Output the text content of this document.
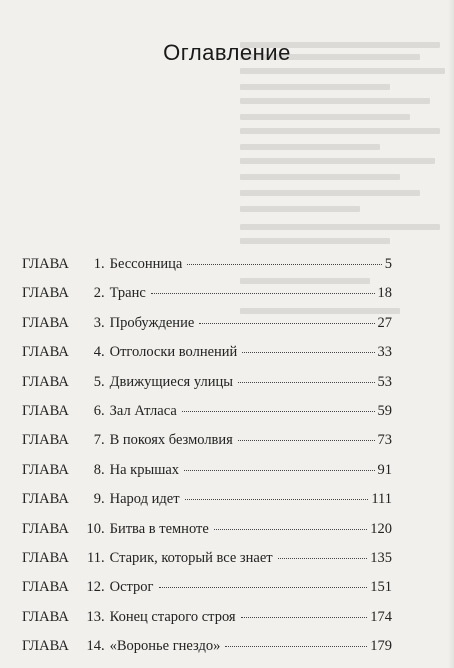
Оглавление
ГЛАВА	1 . Бессонница	5
ГЛАВА	2 . Транс	18
ГЛАВА	3 . Пробуждение	27
ГЛАВА	4 . Отголоски волнений	33
ГЛАВА	5 . Движущиеся улицы	53
ГЛАВА	6 . Зал Атласа	59
ГЛАВА	7 . В покоях безмолвия	73
ГЛАВА	8 . На крышах	91
ГЛАВА	9 . Народ идет	111
ГЛАВА	10 . Битва в темноте	120
ГЛАВА	11 . Старик, который все знает	135
ГЛАВА	12 . Острог	151
ГЛАВА	13 . Конец старого строя	174
ГЛАВА	14 . «Воронье гнездо»	179
